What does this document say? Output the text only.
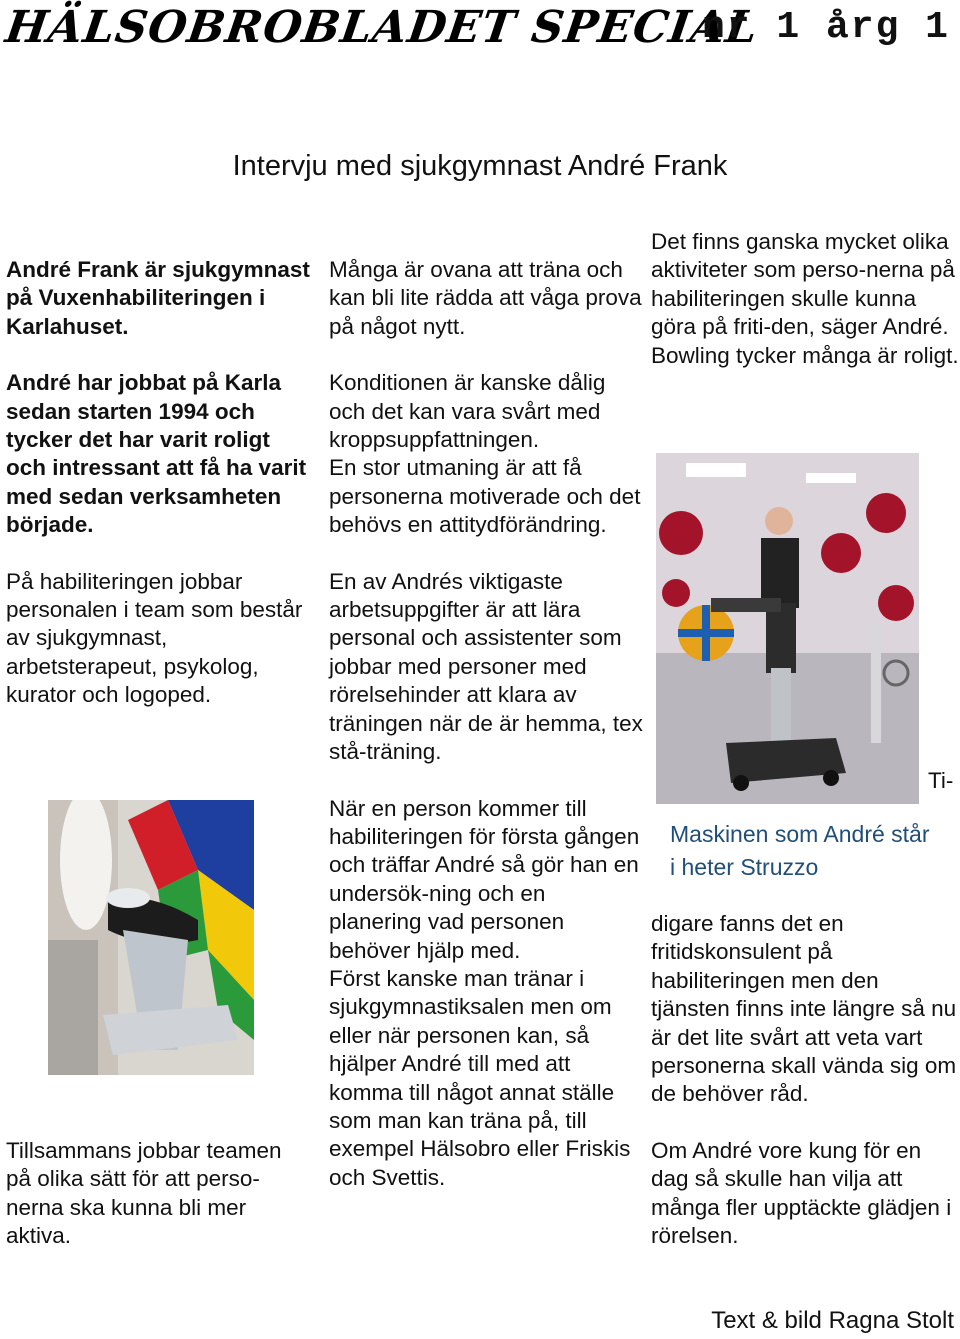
HÄLSOBROBLADET SPECIAL
nr 1 årg 1
Intervju med sjukgymnast André Frank

André Frank är sjukgymnast på Vuxenhabiliteringen i Karlahuset.

André har jobbat på Karla sedan starten 1994 och tycker det har varit roligt och intressant att få ha varit med sedan verksamheten började.

På habiliteringen jobbar personalen i team som består av sjukgymnast, arbetsterapeut, psykolog, kurator och logoped.

Tillsammans jobbar teamen på olika sätt för att perso-nerna ska kunna bli mer aktiva.

Många är ovana att träna och kan bli lite rädda att våga prova på något nytt.

Konditionen är kanske dålig och det kan vara svårt med kroppsuppfattningen.

En stor utmaning är att få personerna motiverade och det behövs en attitydförändring.

En av Andrés viktigaste arbetsuppgifter är att lära personal och assistenter som jobbar med personer med rörelsehinder att klara av träningen när de är hemma, tex stå-träning.

När en person kommer till habiliteringen för första gången och träffar André så gör han en undersök-ning och en planering vad personen behöver hjälp med.

Först kanske man tränar i sjukgymnastiksalen men om eller när personen kan, så hjälper André till med att komma till något annat ställe som man kan träna på, till exempel Hälsobro eller Friskis och Svettis.

Det finns ganska mycket olika aktiviteter som perso-nerna på habiliteringen skulle kunna göra på friti-den, säger André. Bowling tycker många är roligt.

Ti-
Maskinen som André står i heter Struzzo

digare fanns det en fritidskonsulent på habiliteringen men den tjänsten finns inte längre så nu är det lite svårt att veta vart personerna skall vända sig om de behöver råd.

Om André vore kung för en dag så skulle han vilja att många fler upptäckte glädjen i rörelsen.

Text & bild Ragna Stolt
